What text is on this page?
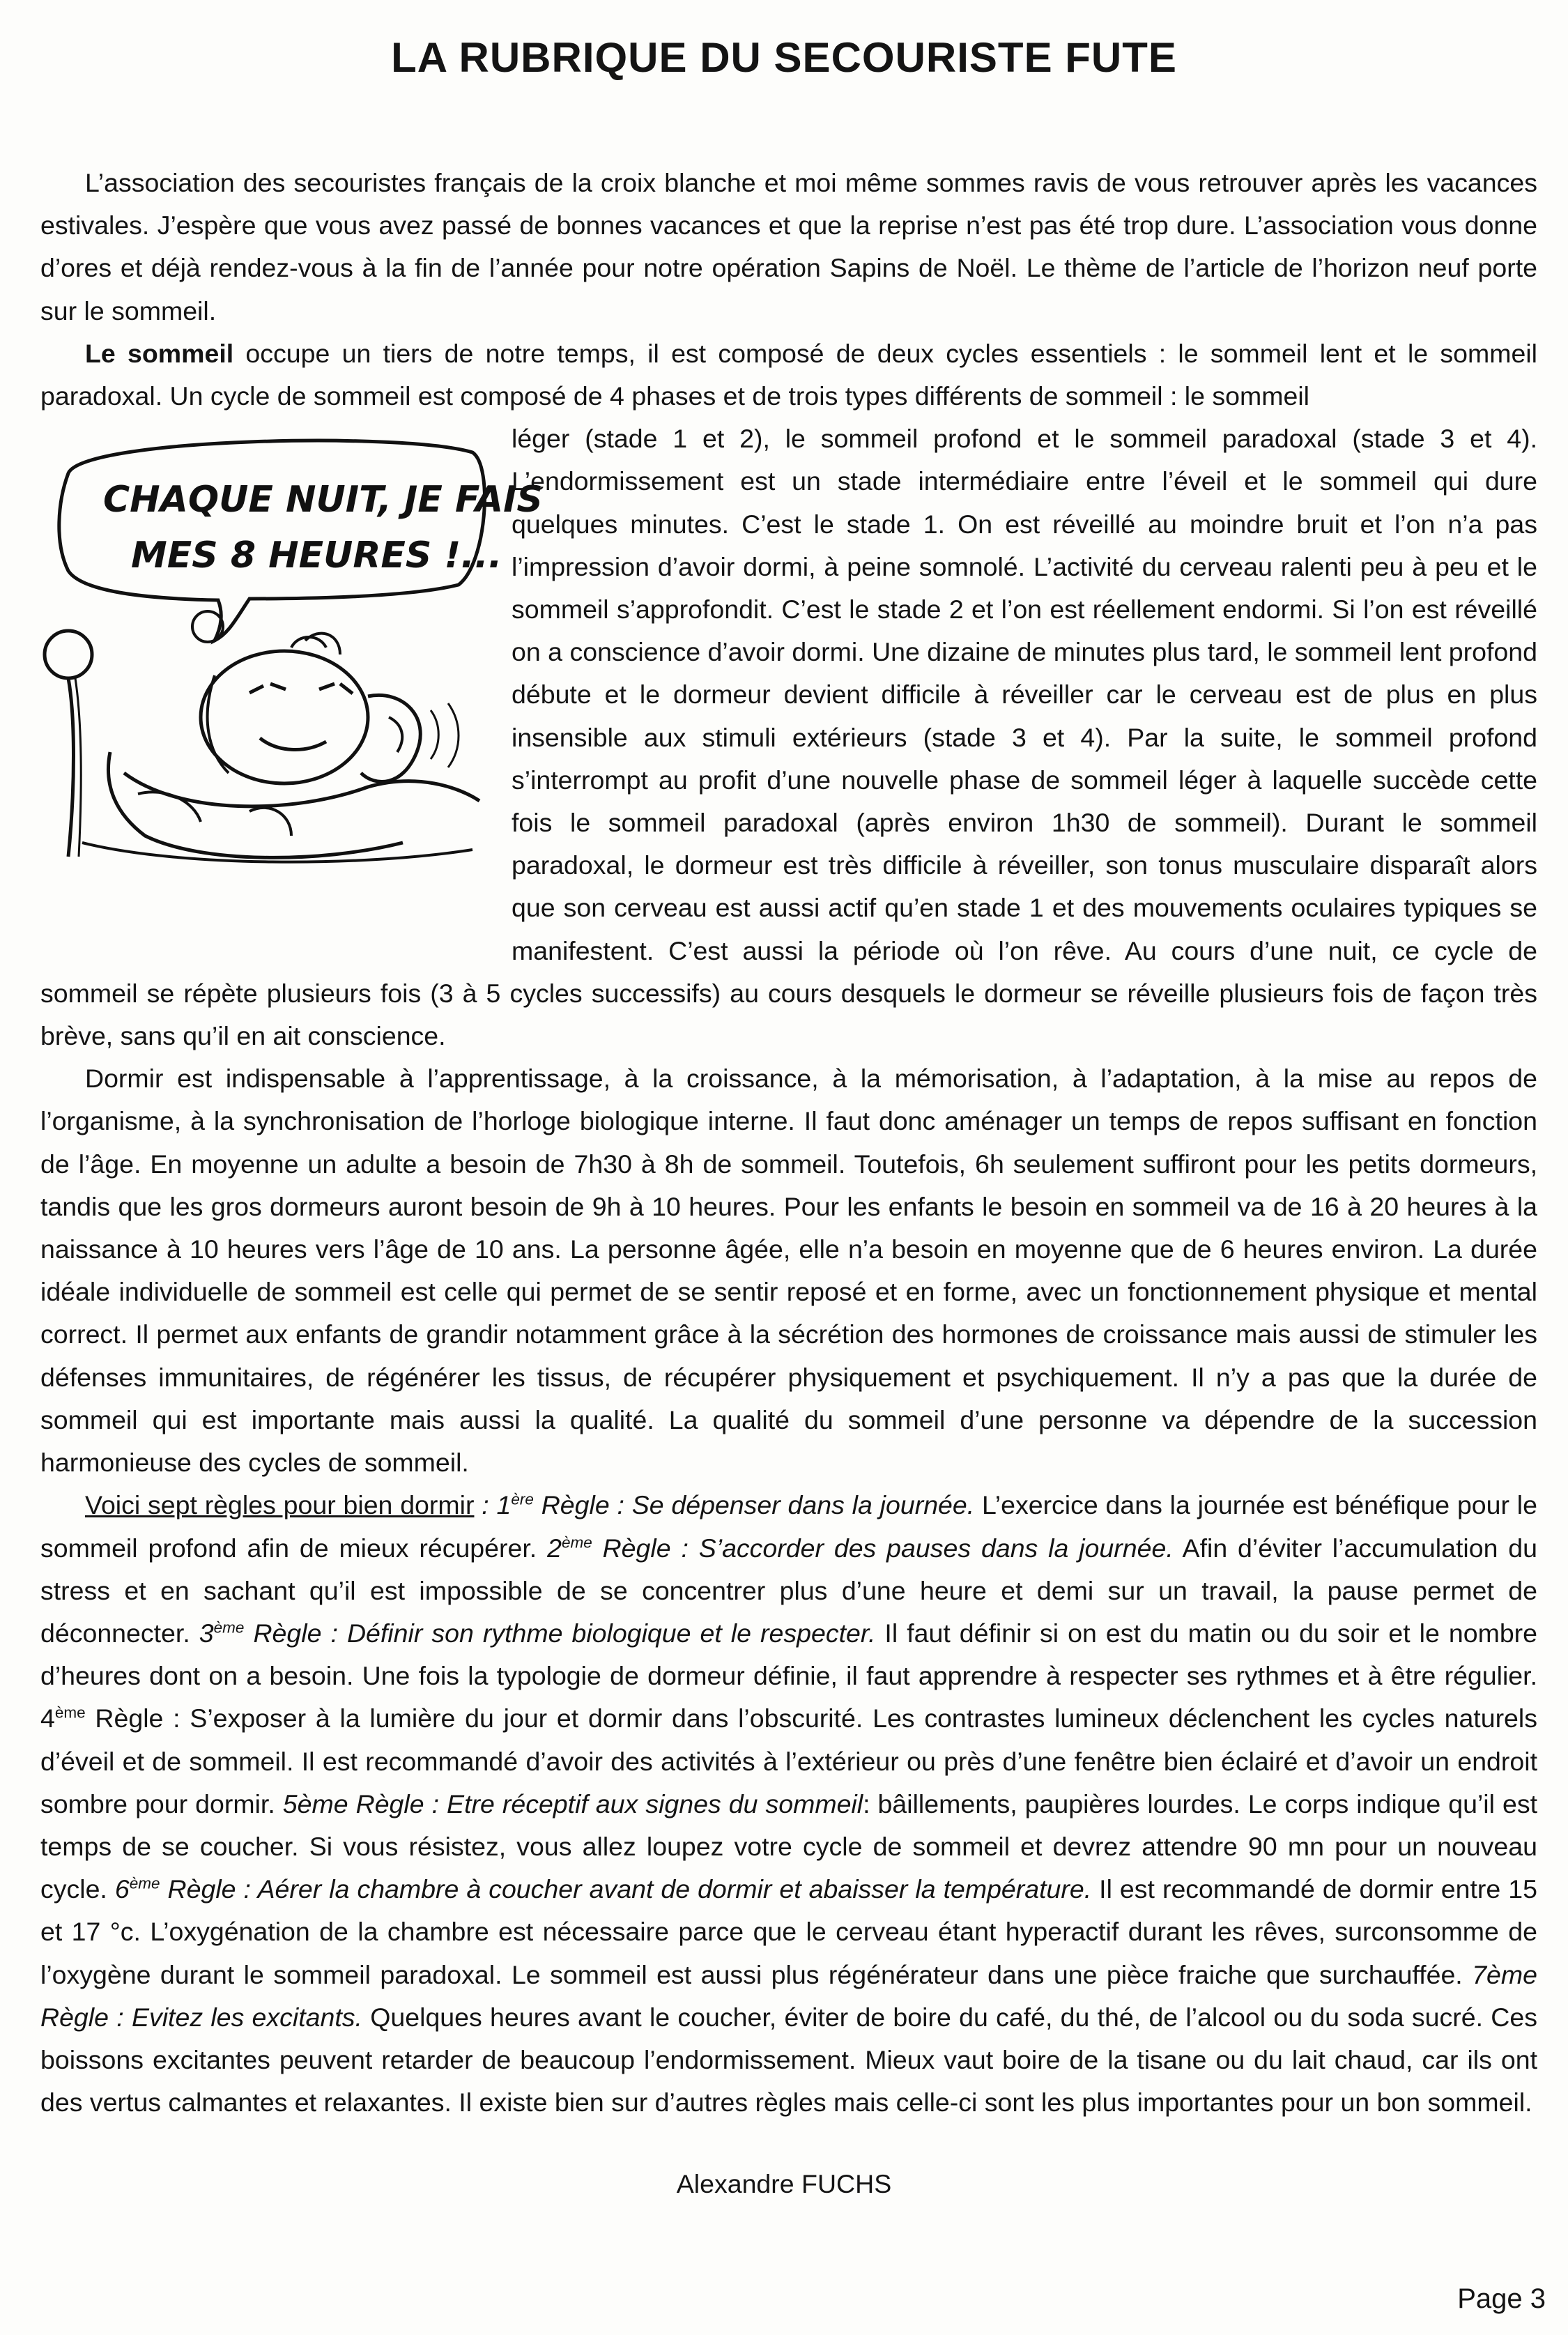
LA RUBRIQUE DU SECOURISTE FUTE

L’association des secouristes français de la croix blanche et moi même sommes ravis de vous retrouver après les vacances estivales. J’espère que vous avez passé de bonnes vacances et que la reprise n’est pas été trop dure. L’association vous donne d’ores et déjà rendez-vous à la fin de l’année pour notre opération Sapins de Noël. Le thème de l’article de l’horizon neuf porte sur le sommeil.

Le sommeil occupe un tiers de notre temps, il est composé de deux cycles essentiels : le sommeil lent et le sommeil paradoxal. Un cycle de sommeil est composé de 4 phases et de trois types différents de sommeil : le sommeil

CHAQUE NUIT, JE FAIS
MES 8 HEURES !...

léger (stade 1 et 2), le sommeil profond et le sommeil paradoxal (stade 3 et 4). L’endormissement est un stade intermédiaire entre l’éveil et le sommeil qui dure quelques minutes. C’est le stade 1. On est réveillé au moindre bruit et l’on n’a pas l’impression d’avoir dormi, à peine somnolé. L’activité du cerveau ralenti peu à peu et le sommeil s’approfondit. C’est le stade 2 et l’on est réellement endormi. Si l’on est réveillé on a conscience d’avoir dormi. Une dizaine de minutes plus tard, le sommeil lent profond débute et le dormeur devient difficile à réveiller car le cerveau est de plus en plus insensible aux stimuli extérieurs (stade 3 et 4). Par la suite, le sommeil profond s’interrompt au profit d’une nouvelle phase de sommeil léger à laquelle succède cette fois le sommeil paradoxal (après environ 1h30 de sommeil). Durant le sommeil paradoxal, le dormeur est très difficile à réveiller, son tonus musculaire disparaît alors que son cerveau est aussi actif qu’en stade 1 et des mouvements oculaires typiques se manifestent. C’est aussi la période où l’on rêve. Au cours d’une nuit, ce cycle de sommeil se répète plusieurs fois (3 à 5 cycles successifs) au cours desquels le dormeur se réveille plusieurs fois de façon très brève, sans qu’il en ait conscience.

Dormir est indispensable à l’apprentissage, à la croissance, à la mémorisation, à l’adaptation, à la mise au repos de l’organisme, à la synchronisation de l’horloge biologique interne. Il faut donc aménager un temps de repos suffisant en fonction de l’âge. En moyenne un adulte a besoin de 7h30 à 8h de sommeil. Toutefois, 6h seulement suffiront pour les petits dormeurs, tandis que les gros dormeurs auront besoin de 9h à 10 heures. Pour les enfants le besoin en sommeil va de 16 à 20 heures à la naissance à 10 heures vers l’âge de 10 ans. La personne âgée, elle n’a besoin en moyenne que de 6 heures environ. La durée idéale individuelle de sommeil est celle qui permet de se sentir reposé et en forme, avec un fonctionnement physique et mental correct. Il permet aux enfants de grandir notamment grâce à la sécrétion des hormones de croissance mais aussi de stimuler les défenses immunitaires, de régénérer les tissus, de récupérer physiquement et psychiquement. Il n’y a pas que la durée de sommeil qui est importante mais aussi la qualité. La qualité du sommeil d’une personne va dépendre de la succession harmonieuse des cycles de sommeil.

Voici sept règles pour bien dormir : 1ère Règle : Se dépenser dans la journée. L’exercice dans la journée est bénéfique pour le sommeil profond afin de mieux récupérer. 2ème Règle : S’accorder des pauses dans la journée. Afin d’éviter l’accumulation du stress et en sachant qu’il est impossible de se concentrer plus d’une heure et demi sur un travail, la pause permet de déconnecter. 3ème Règle : Définir son rythme biologique et le respecter. Il faut définir si on est du matin ou du soir et le nombre d’heures dont on a besoin. Une fois la typologie de dormeur définie, il faut apprendre à respecter ses rythmes et à être régulier. 4ème Règle : S’exposer à la lumière du jour et dormir dans l’obscurité. Les contrastes lumineux déclenchent les cycles naturels d’éveil et de sommeil. Il est recommandé d’avoir des activités à l’extérieur ou près d’une fenêtre bien éclairé et d’avoir un endroit sombre pour dormir. 5ème Règle : Etre réceptif aux signes du sommeil: bâillements, paupières lourdes. Le corps indique qu’il est temps de se coucher. Si vous résistez, vous allez loupez votre cycle de sommeil et devrez attendre 90 mn pour un nouveau cycle. 6ème Règle : Aérer la chambre à coucher avant de dormir et abaisser la température. Il est recommandé de dormir entre 15 et 17 °c. L’oxygénation de la chambre est nécessaire parce que le cerveau étant hyperactif durant les rêves, surconsomme de l’oxygène durant le sommeil paradoxal. Le sommeil est aussi plus régénérateur dans une pièce fraiche que surchauffée. 7ème Règle : Evitez les excitants. Quelques heures avant le coucher, éviter de boire du café, du thé, de l’alcool ou du soda sucré. Ces boissons excitantes peuvent retarder de beaucoup l’endormissement. Mieux vaut boire de la tisane ou du lait chaud, car ils ont des vertus calmantes et relaxantes. Il existe bien sur d’autres règles mais celle-ci sont les plus importantes pour un bon sommeil.

Alexandre FUCHS

Page 3
